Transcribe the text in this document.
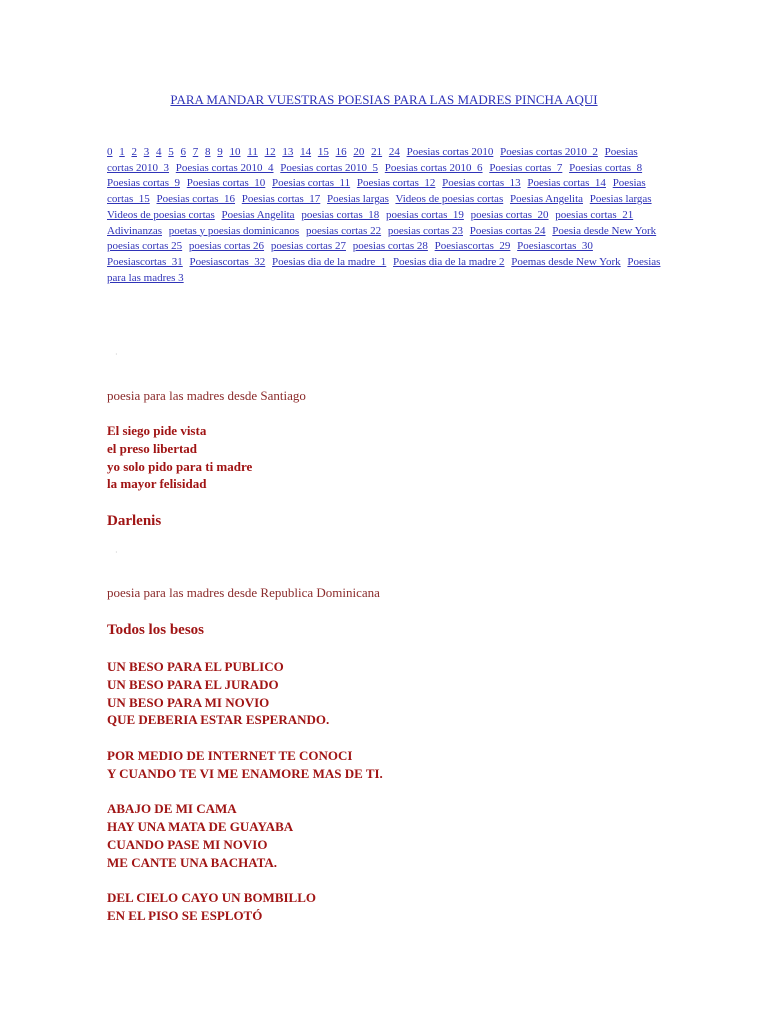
PARA MANDAR VUESTRAS POESIAS PARA LAS MADRES PINCHA AQUI
0 1 2 3 4 5 6 7 8 9 10 11 12 13 14 15 16 20 21 24 Poesias cortas 2010 Poesias cortas 2010_2 Poesias cortas 2010_3 Poesias cortas 2010_4 Poesias cortas 2010_5 Poesias cortas 2010_6 Poesias cortas_7 Poesias cortas_8 Poesias cortas_9 Poesias cortas_10 Poesias cortas_11 Poesias cortas_12 Poesias cortas_13 Poesias cortas_14 Poesias cortas_15 Poesias cortas_16 Poesias cortas_17 Poesias largas Videos de poesias cortas Poesias Angelita Poesias largas Videos de poesias cortas Poesias Angelita poesias cortas_18 poesias cortas_19 poesias cortas_20 poesias cortas_21 Adivinanzas poetas y poesias dominicanos poesias cortas 22 poesias cortas 23 Poesias cortas 24 Poesia desde New York poesias cortas 25 poesias cortas 26 poesias cortas 27 poesias cortas 28 Poesiascortas_29 Poesiascortas_30 Poesiascortas_31 Poesiascortas_32 Poesias dia de la madre_1 Poesias dia de la madre 2 Poemas desde New York Poesias para las madres 3
·
poesia para las madres desde Santiago
El siego pide vista
el preso libertad
yo solo pido para ti madre
la mayor felisidad
Darlenis
·
poesia para las madres desde Republica Dominicana
Todos los besos
UN BESO PARA EL PUBLICO
UN BESO PARA EL JURADO
UN BESO PARA MI NOVIO
QUE DEBERIA ESTAR ESPERANDO.
POR MEDIO DE INTERNET TE CONOCI
Y CUANDO TE VI ME ENAMORE MAS DE TI.
ABAJO DE MI CAMA
HAY UNA MATA DE GUAYABA
CUANDO PASE MI NOVIO
ME CANTE UNA BACHATA.
DEL CIELO CAYO UN BOMBILLO
EN EL PISO SE ESPLOTÓ
